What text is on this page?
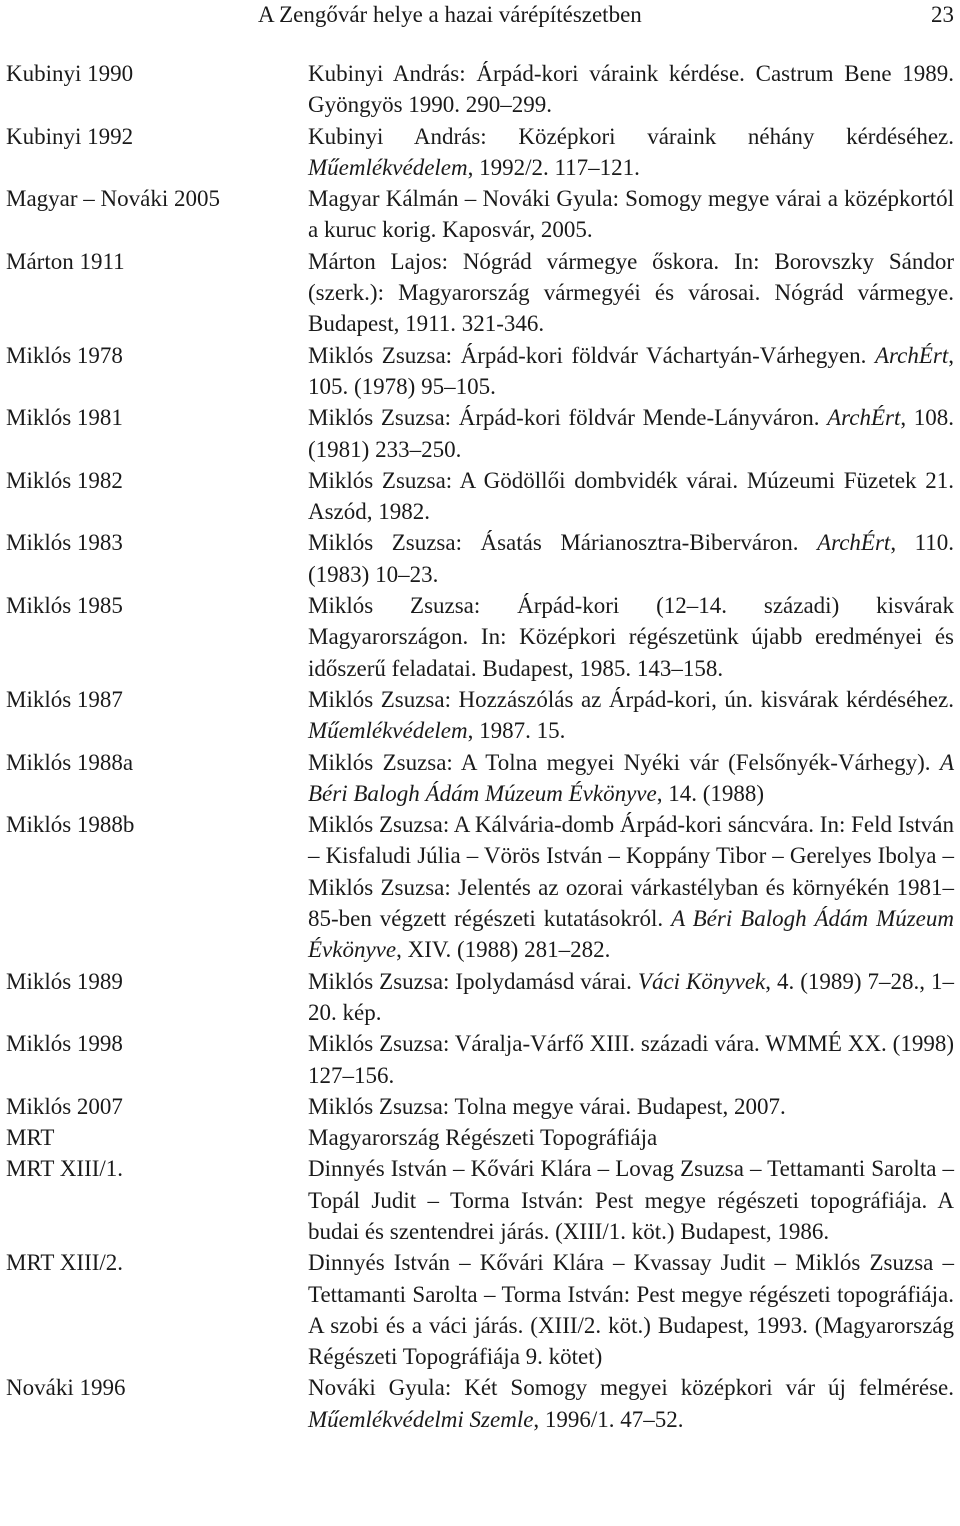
A Zengővár helye a hazai várépítészetben	23
Kubinyi 1990	Kubinyi András: Árpád-kori váraink kérdése. Castrum Bene 1989. Gyöngyös 1990. 290–299.
Kubinyi 1992	Kubinyi András: Középkori váraink néhány kérdéséhez. Műemlékvédelem, 1992/2. 117–121.
Magyar – Nováki 2005	Magyar Kálmán – Nováki Gyula: Somogy megye várai a középkortól a kuruc korig. Kaposvár, 2005.
Márton 1911	Márton Lajos: Nógrád vármegye őskora. In: Borovszky Sándor (szerk.): Magyarország vármegyéi és városai. Nógrád vármegye. Budapest, 1911. 321-346.
Miklós 1978	Miklós Zsuzsa: Árpád-kori földvár Váchartyán-Várhegyen. ArchÉrt, 105. (1978) 95–105.
Miklós 1981	Miklós Zsuzsa: Árpád-kori földvár Mende-Lányváron. ArchÉrt, 108. (1981) 233–250.
Miklós 1982	Miklós Zsuzsa: A Gödöllői dombvidék várai. Múzeumi Füzetek 21. Aszód, 1982.
Miklós 1983	Miklós Zsuzsa: Ásatás Márianosztra-Biberváron. ArchÉrt, 110. (1983) 10–23.
Miklós 1985	Miklós Zsuzsa: Árpád-kori (12–14. századi) kisvárak Magyarországon. In: Középkori régészetünk újabb eredményei és időszerű feladatai. Budapest, 1985. 143–158.
Miklós 1987	Miklós Zsuzsa: Hozzászólás az Árpád-kori, ún. kisvárak kérdéséhez. Műemlékvédelem, 1987. 15.
Miklós 1988a	Miklós Zsuzsa: A Tolna megyei Nyéki vár (Felsőnyék-Várhegy). A Béri Balogh Ádám Múzeum Évkönyve, 14. (1988)
Miklós 1988b	Miklós Zsuzsa: A Kálvária-domb Árpád-kori sáncvára. In: Feld István – Kisfaludi Júlia – Vörös István – Koppány Tibor – Gerelyes Ibolya – Miklós Zsuzsa: Jelentés az ozorai várkastélyban és környékén 1981–85-ben végzett régészeti kutatásokról. A Béri Balogh Ádám Múzeum Évkönyve, XIV. (1988) 281–282.
Miklós 1989	Miklós Zsuzsa: Ipolydamásd várai. Váci Könyvek, 4. (1989) 7–28., 1–20. kép.
Miklós 1998	Miklós Zsuzsa: Váralja-Várfő XIII. századi vára. WMMÉ XX. (1998) 127–156.
Miklós 2007	Miklós Zsuzsa: Tolna megye várai. Budapest, 2007.
MRT	Magyarország Régészeti Topográfiája
MRT XIII/1.	Dinnyés István – Kővári Klára – Lovag Zsuzsa – Tettamanti Sarolta – Topál Judit – Torma István: Pest megye régészeti topográfiája. A budai és szentendrei járás. (XIII/1. köt.) Budapest, 1986.
MRT XIII/2.	Dinnyés István – Kővári Klára – Kvassay Judit – Miklós Zsuzsa – Tettamanti Sarolta – Torma István: Pest megye régészeti topográfiája. A szobi és a váci járás. (XIII/2. köt.) Budapest, 1993. (Magyarország Régészeti Topográfiája 9. kötet)
Nováki 1996	Nováki Gyula: Két Somogy megyei középkori vár új felmérése. Műemlékvédelmi Szemle, 1996/1. 47–52.
